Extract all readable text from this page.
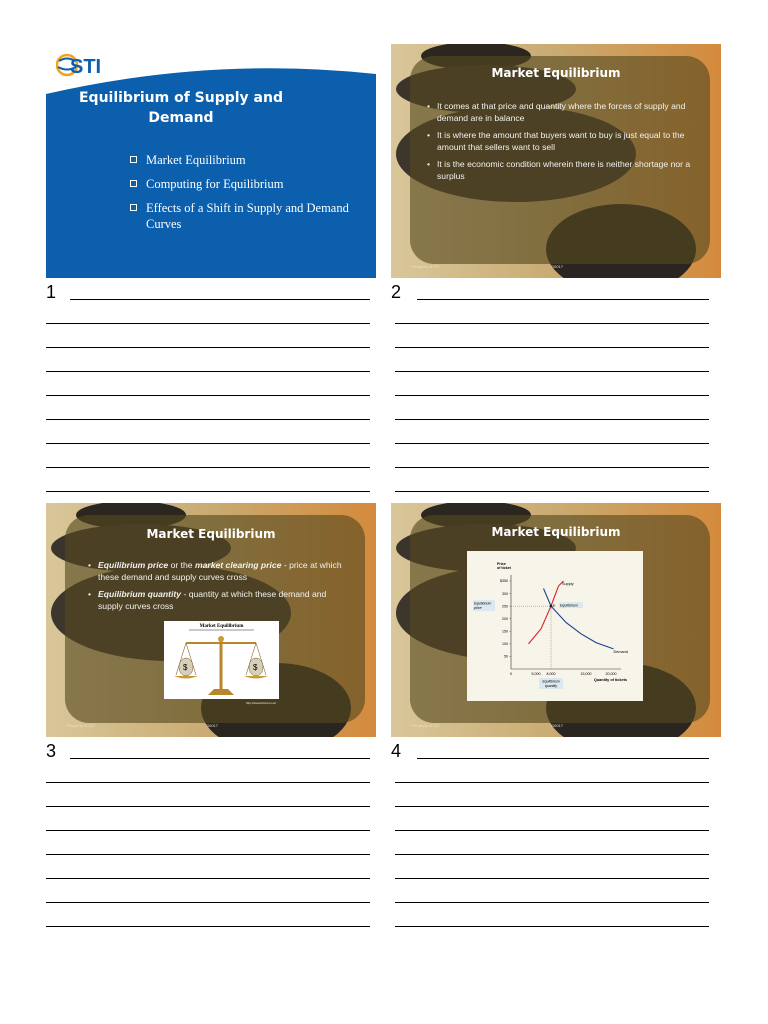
STI
Equilibrium of Supply and Demand
Market Equilibrium
Computing for Equilibrium
Effects of a Shift in Supply and Demand Curves
Market Equilibrium
• It comes at that price and quantity where the forces of supply and demand are in balance
• It is where the amount that buyers want to buy is just equal to the amount that sellers want to sell
• It is the economic condition wherein there is neither shortage nor a surplus
*Property of STI	G0017
Market Equilibrium
• Equilibrium price or the market clearing price - price at which these demand and supply curves cross
• Equilibrium quantity - quantity at which these demand and supply curves cross
Market Equilibrium
$	$
http://www.bized.co.uk
*Property of STI	G0017
Market Equilibrium
Price
of ticket
$350
300
250
200
150
100
50
0	5,000 8,000	15,000	20,000
Quantity of tickets
E
Supply
Demand
Equilibrium
Equilibrium
price
Equilibrium
quantity
*Property of STI	G0017
1	2
3	4
